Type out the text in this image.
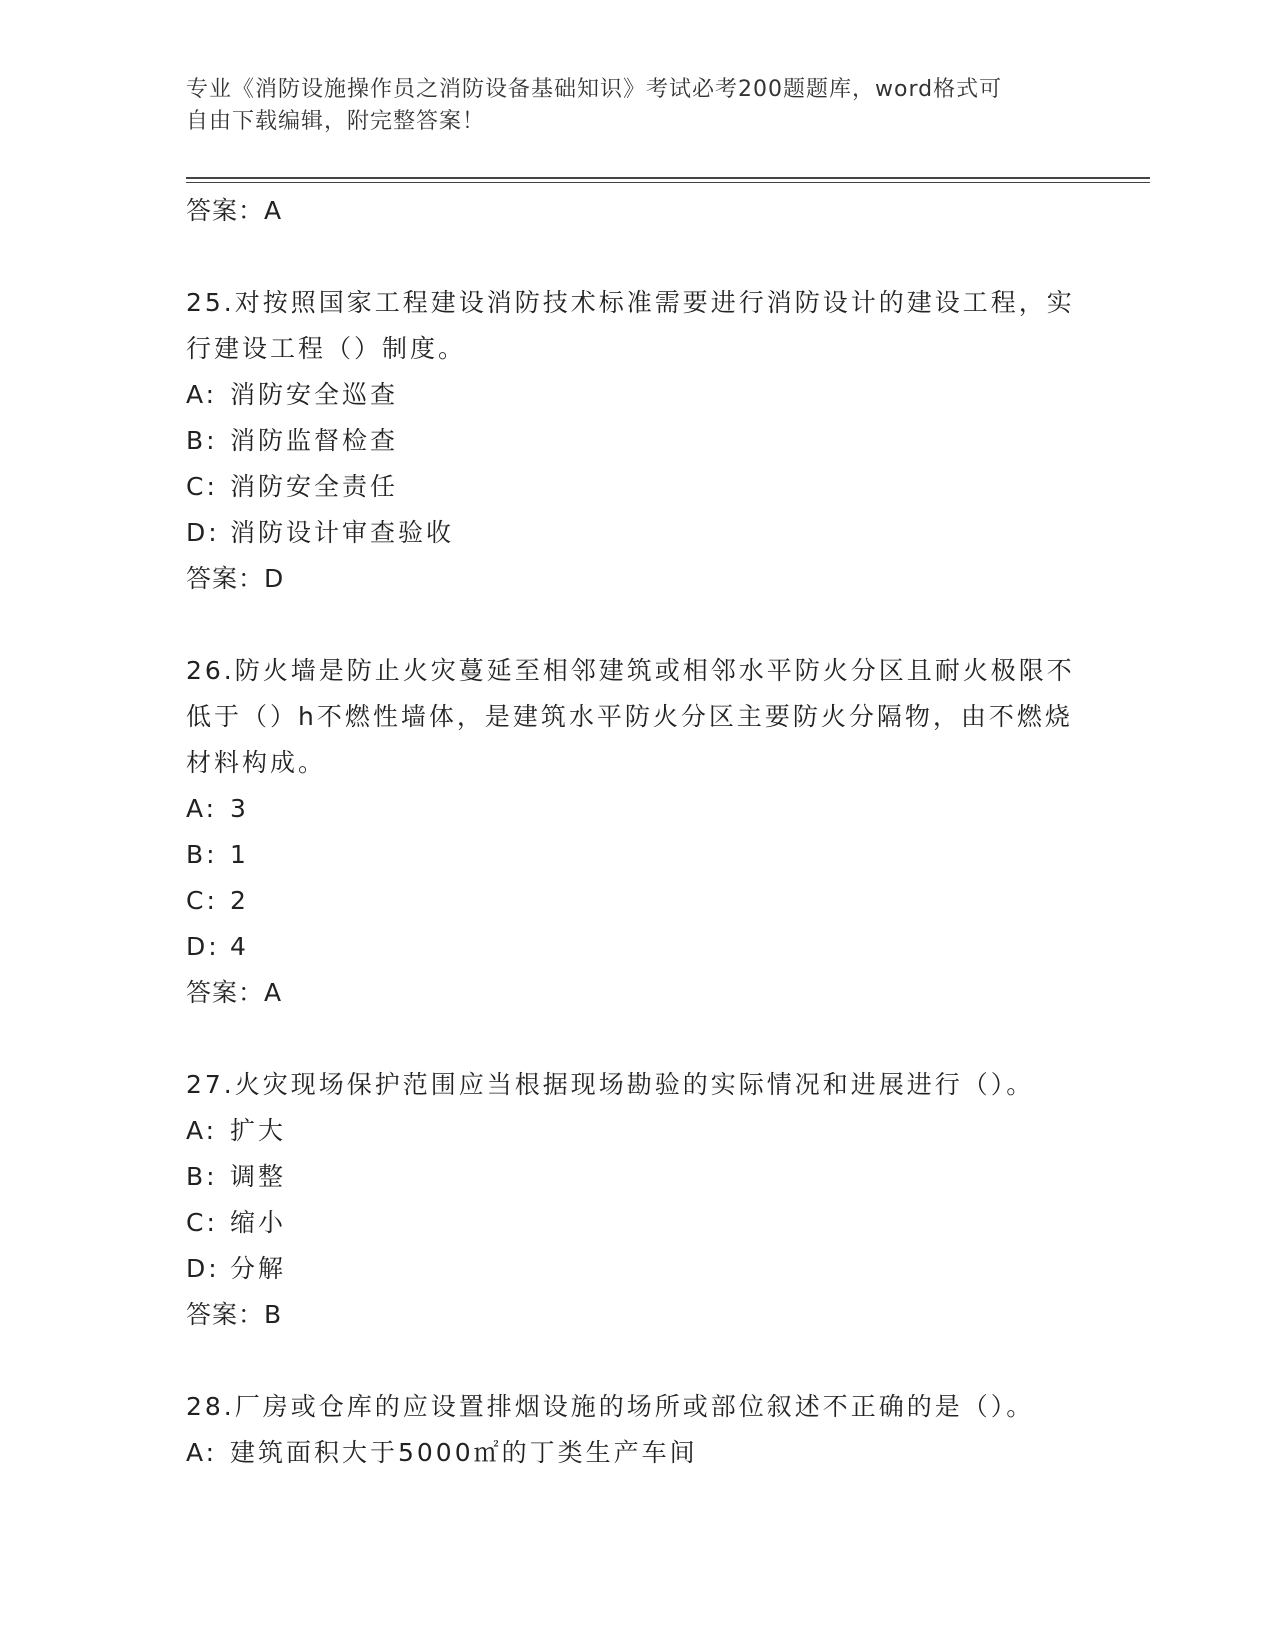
专业《消防设施操作员之消防设备基础知识》考试必考200题题库，word格式可
自由下载编辑，附完整答案！

答案：A

25.对按照国家工程建设消防技术标准需要进行消防设计的建设工程，实行建设工程（）制度。

A: 消防安全巡查

B: 消防监督检查

C: 消防安全责任

D: 消防设计审查验收

答案：D

26.防火墙是防止火灾蔓延至相邻建筑或相邻水平防火分区且耐火极限不低于（）h不燃性墙体，是建筑水平防火分区主要防火分隔物，由不燃烧材料构成。

A: 3

B: 1

C: 2

D: 4

答案：A

27.火灾现场保护范围应当根据现场勘验的实际情况和进展进行（）。

A: 扩大

B: 调整

C: 缩小

D: 分解

答案：B

28.厂房或仓库的应设置排烟设施的场所或部位叙述不正确的是（）。

A: 建筑面积大于5000㎡的丁类生产车间
